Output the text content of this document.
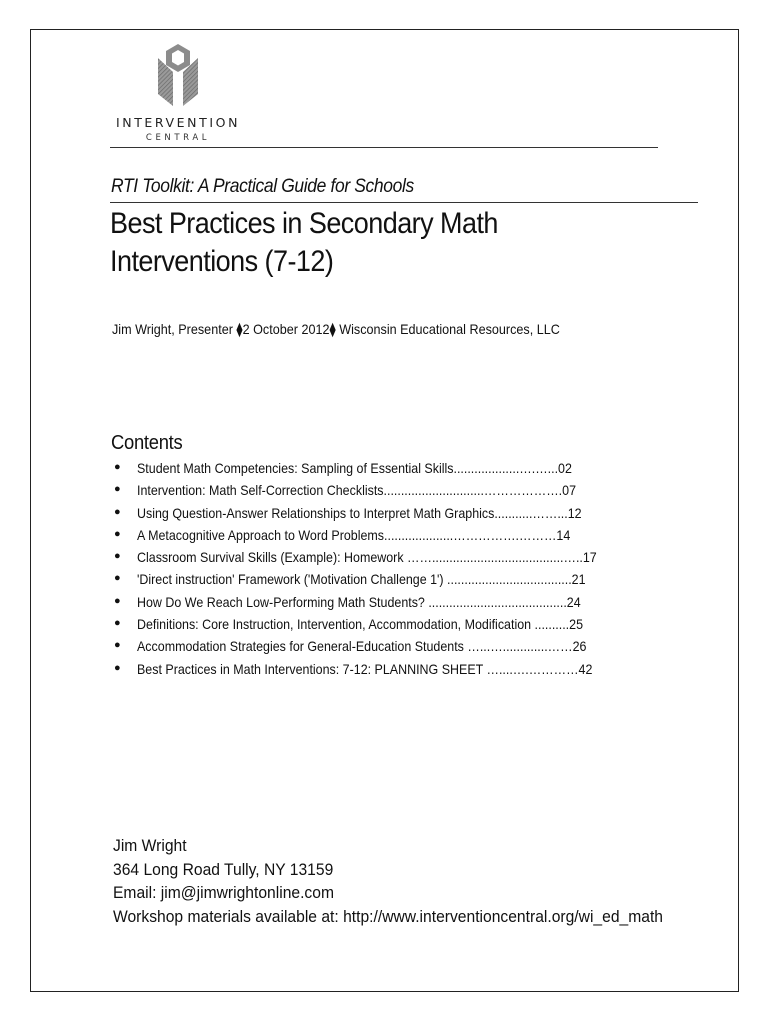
INTERVENTION
CENTRAL
RTI Toolkit: A Practical Guide for Schools
Best Practices in Secondary Math
Interventions (7-12)
Jim Wright, Presenter ⧫2 October 2012⧫ Wisconsin Educational Resources, LLC
Contents
● Student Math Competencies: Sampling of Essential Skills...................….…...02
● Intervention: Math Self-Correction Checklists.............................……………….07
● Using Question-Answer Relationships to Interpret Math Graphics...........……...12
● A Metacognitive Approach to Word Problems....................…………….………14
● Classroom Survival Skills (Example): Homework ……......................................…..17
● 'Direct instruction' Framework ('Motivation Challenge 1') ....................................21
● How Do We Reach Low-Performing Math Students? ........................................24
● Definitions: Core Instruction, Intervention, Accommodation, Modification ..........25
● Accommodation Strategies for General-Education Students …...….............……26
● Best Practices in Math Interventions: 7-12: PLANNING SHEET …....….…………42
Jim Wright
364 Long Road Tully, NY 13159
Email: jim@jimwrightonline.com
Workshop materials available at: http://www.interventioncentral.org/wi_ed_math
